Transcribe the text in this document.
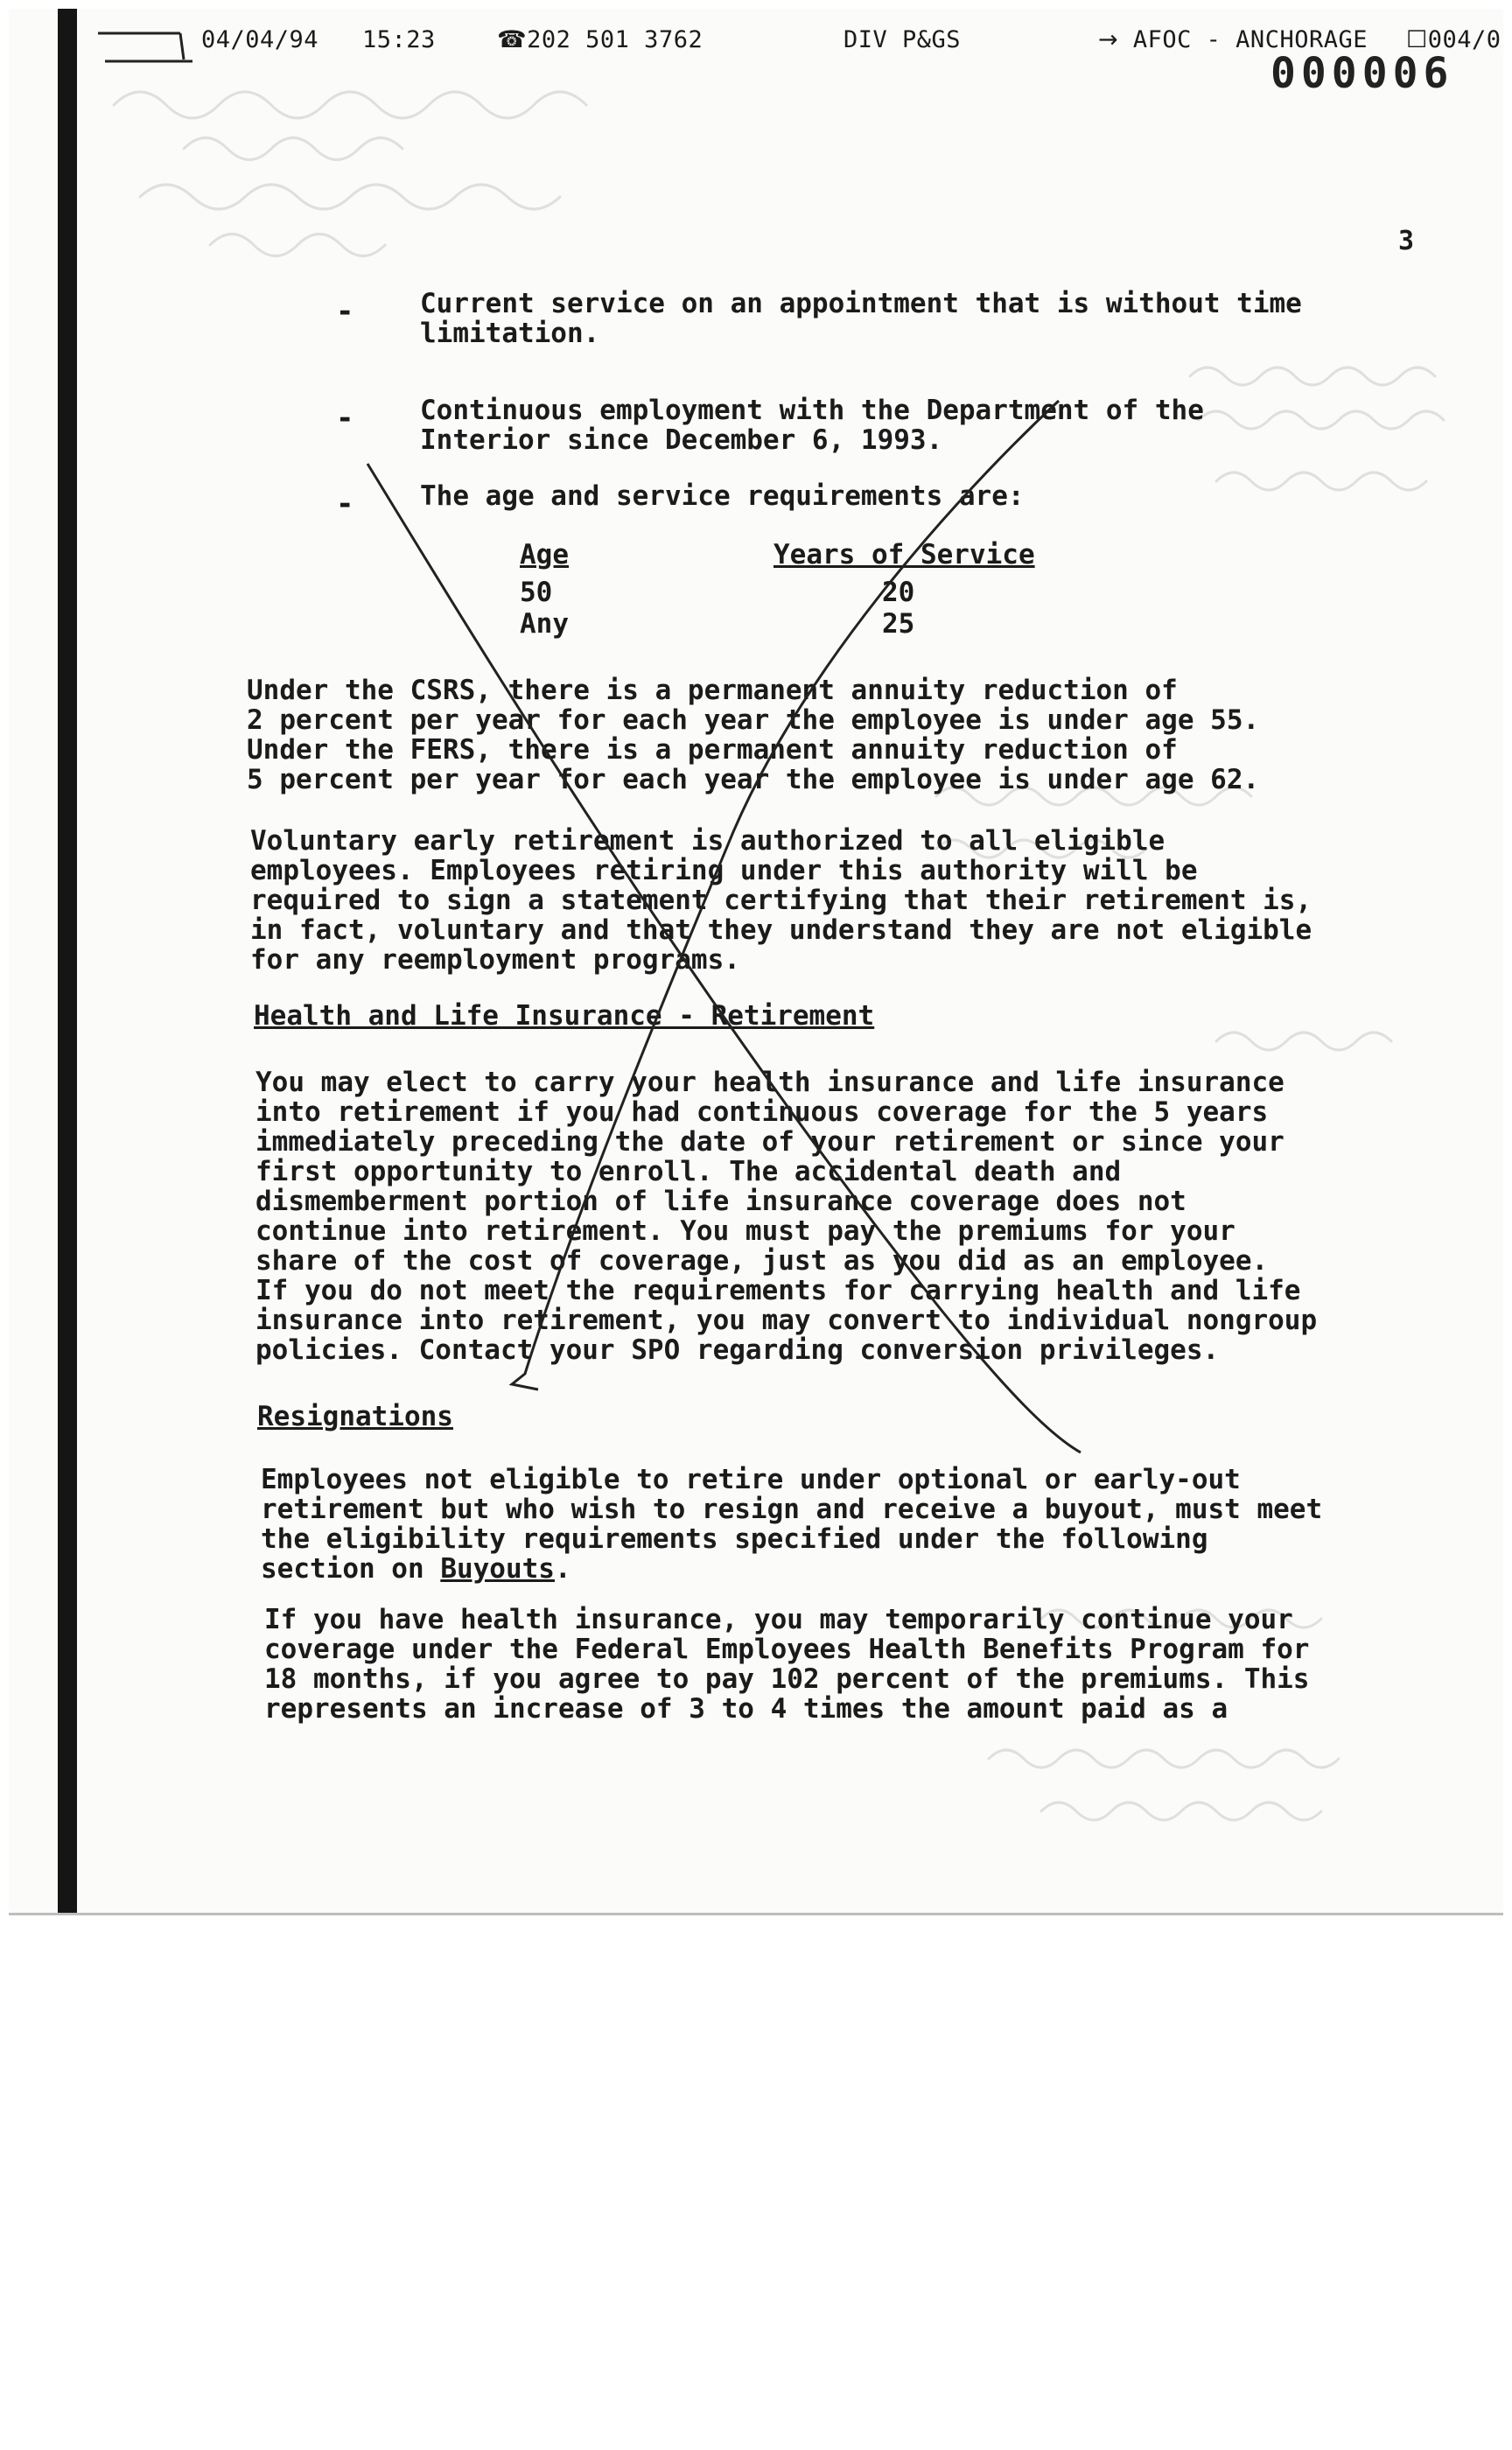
04/04/94 15:23	☎202 501 3762	DIV P&GS	→ AFOC - ANCHORAGE ☐004/0
000006
3
- Current service on an appointment that is without time
limitation.
- Continuous employment with the Department of the
Interior since December 6, 1993.
- The age and service requirements are:
Age	Years of Service
50	20
Any	25
Under the CSRS, there is a permanent annuity reduction of
2 percent per year for each year the employee is under age 55.
Under the FERS, there is a permanent annuity reduction of
5 percent per year for each year the employee is under age 62.
Voluntary early retirement is authorized to all eligible
employees. Employees retiring under this authority will be
required to sign a statement certifying that their retirement is,
in fact, voluntary and that they understand they are not eligible
for any reemployment programs.
Health and Life Insurance - Retirement
You may elect to carry your health insurance and life insurance
into retirement if you had continuous coverage for the 5 years
immediately preceding the date of your retirement or since your
first opportunity to enroll. The accidental death and
dismemberment portion of life insurance coverage does not
continue into retirement. You must pay the premiums for your
share of the cost of coverage, just as you did as an employee.
If you do not meet the requirements for carrying health and life
insurance into retirement, you may convert to individual nongroup
policies. Contact your SPO regarding conversion privileges.
Resignations
Employees not eligible to retire under optional or early-out
retirement but who wish to resign and receive a buyout, must meet
the eligibility requirements specified under the following
section on Buyouts.
If you have health insurance, you may temporarily continue your
coverage under the Federal Employees Health Benefits Program for
18 months, if you agree to pay 102 percent of the premiums. This
represents an increase of 3 to 4 times the amount paid as a
